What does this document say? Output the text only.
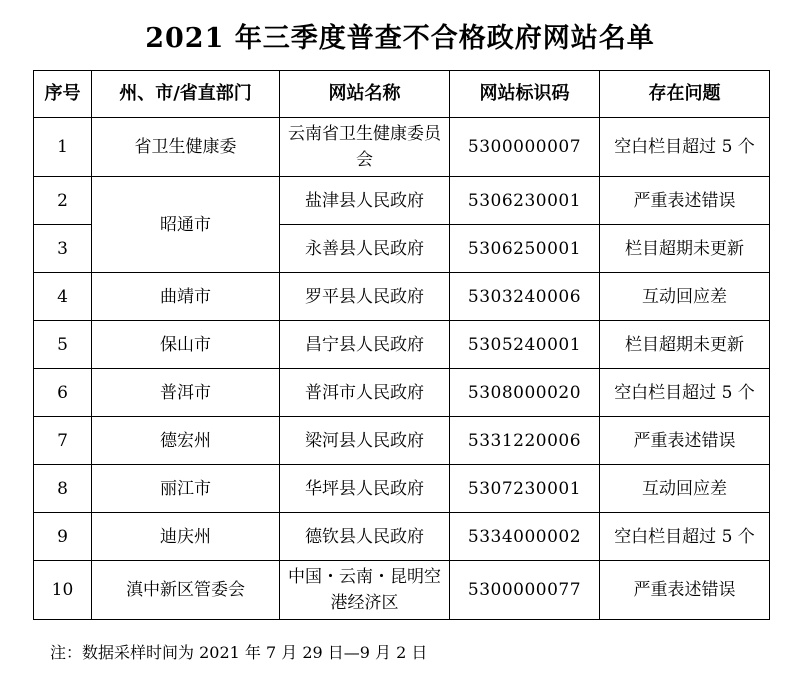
2021 年三季度普查不合格政府网站名单
序号	州、市/省直部门	网站名称	网站标识码	存在问题
1	省卫生健康委	云南省卫生健康委员会	5300000007	空白栏目超过 5 个
2	昭通市	盐津县人民政府	5306230001	严重表述错误
3		永善县人民政府	5306250001	栏目超期未更新
4	曲靖市	罗平县人民政府	5303240006	互动回应差
5	保山市	昌宁县人民政府	5305240001	栏目超期未更新
6	普洱市	普洱市人民政府	5308000020	空白栏目超过 5 个
7	德宏州	梁河县人民政府	5331220006	严重表述错误
8	丽江市	华坪县人民政府	5307230001	互动回应差
9	迪庆州	德钦县人民政府	5334000002	空白栏目超过 5 个
10	滇中新区管委会	中国・云南・昆明空港经济区	5300000077	严重表述错误
注：数据采样时间为 2021 年 7 月 29 日—9 月 2 日
